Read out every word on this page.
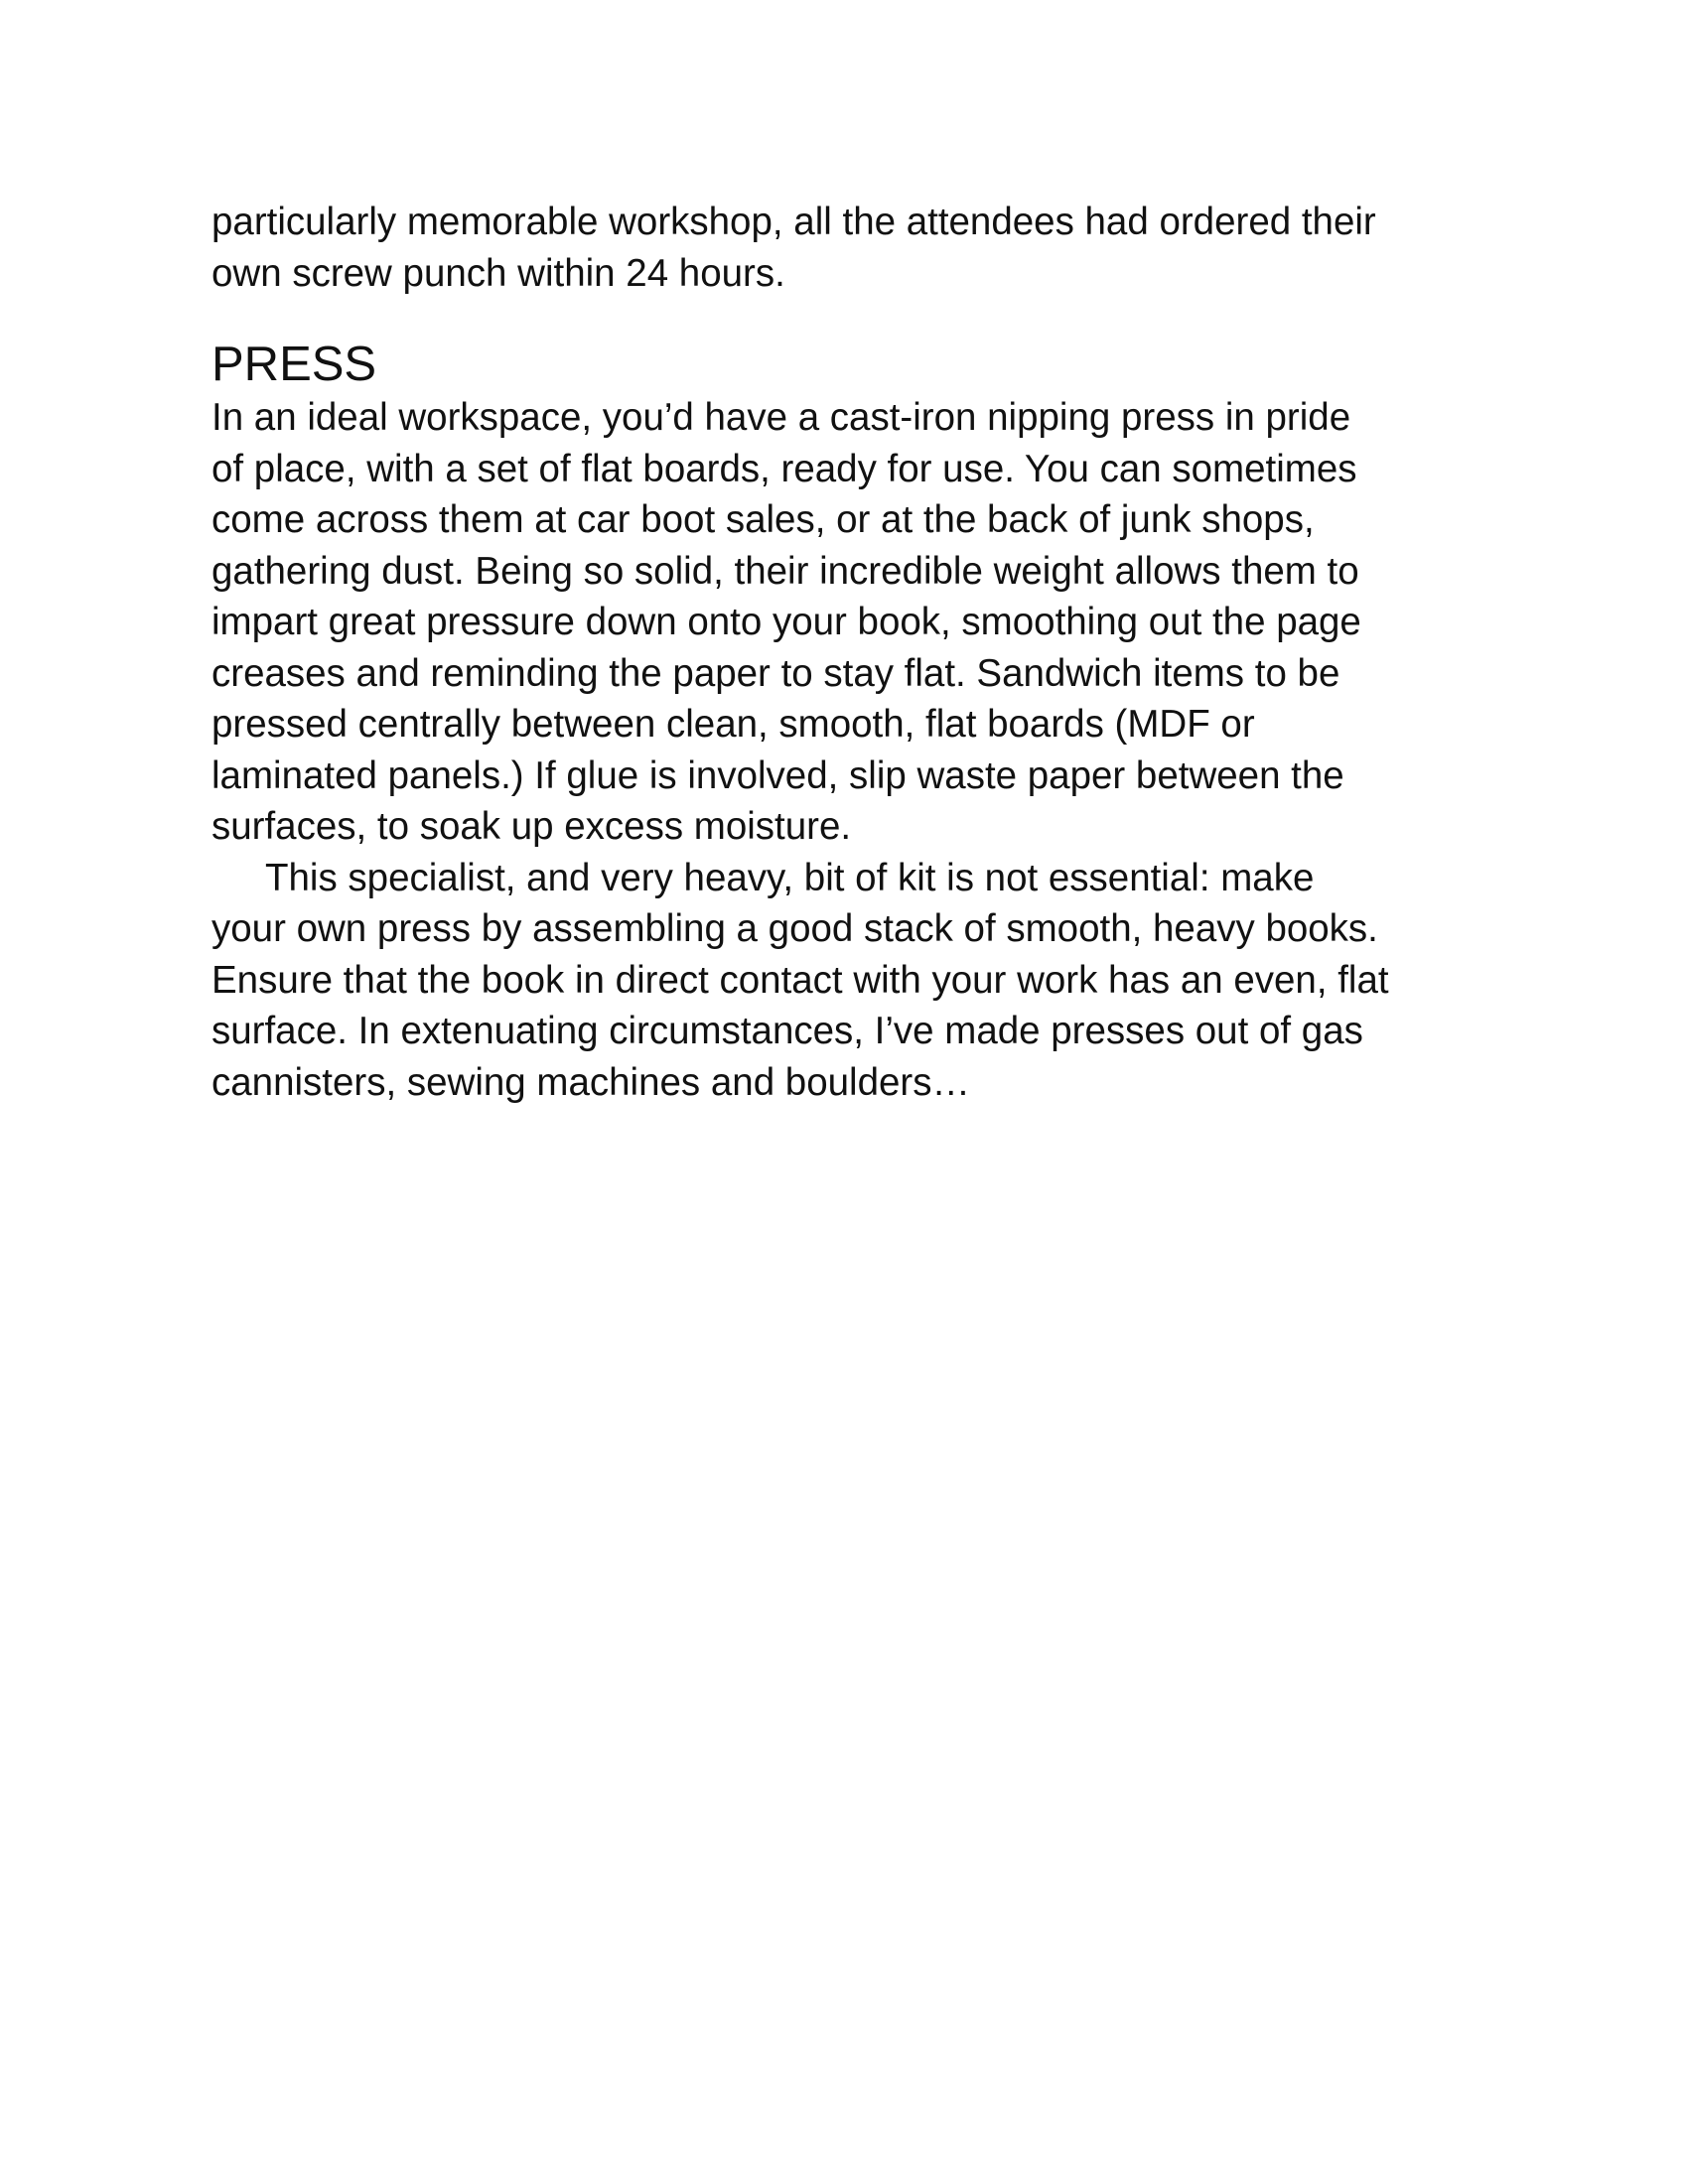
particularly memorable workshop, all the attendees had ordered their
own screw punch within 24 hours.

PRESS

In an ideal workspace, you’d have a cast-iron nipping press in pride
of place, with a set of flat boards, ready for use. You can sometimes
come across them at car boot sales, or at the back of junk shops,
gathering dust. Being so solid, their incredible weight allows them to
impart great pressure down onto your book, smoothing out the page
creases and reminding the paper to stay flat. Sandwich items to be
pressed centrally between clean, smooth, flat boards (MDF or
laminated panels.) If glue is involved, slip waste paper between the
surfaces, to soak up excess moisture.

This specialist, and very heavy, bit of kit is not essential: make
your own press by assembling a good stack of smooth, heavy books.
Ensure that the book in direct contact with your work has an even, flat
surface. In extenuating circumstances, I’ve made presses out of gas
cannisters, sewing machines and boulders…
